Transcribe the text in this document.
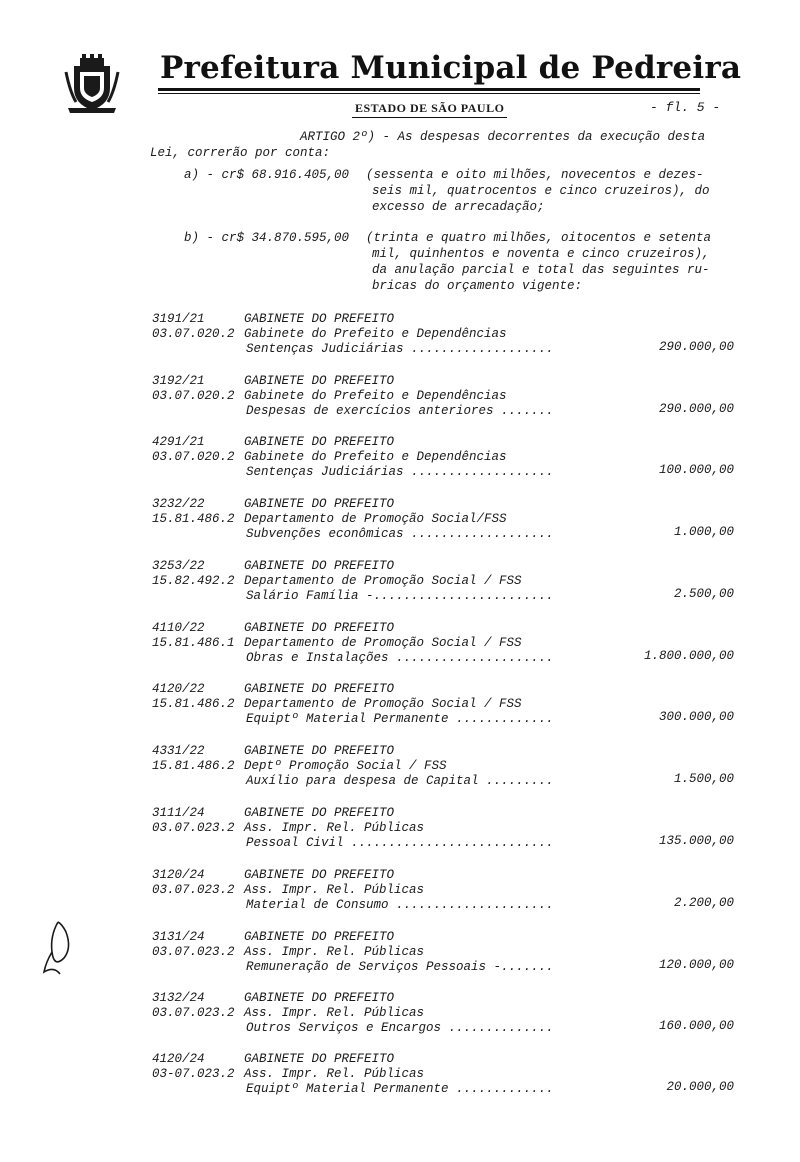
Prefeitura Municipal de Pedreira
ESTADO DE SÃO PAULO	- fl. 5 -
ARTIGO 2º) - As despesas decorrentes da execução desta
Lei, correrão por conta:
a) - cr$ 68.916.405,00 (sessenta e oito milhões, novecentos e dezes-
seis mil, quatrocentos e cinco cruzeiros), do
excesso de arrecadação;
b) - cr$ 34.870.595,00 (trinta e quatro milhões, oitocentos e setenta
mil, quinhentos e noventa e cinco cruzeiros),
da anulação parcial e total das seguintes ru-
bricas do orçamento vigente:
3191/21	GABINETE DO PREFEITO
03.07.020.2 Gabinete do Prefeito e Dependências
Sentenças Judiciárias ...................	290.000,00
3192/21	GABINETE DO PREFEITO
03.07.020.2 Gabinete do Prefeito e Dependências
Despesas de exercícios anteriores .......	290.000,00
4291/21	GABINETE DO PREFEITO
03.07.020.2 Gabinete do Prefeito e Dependências
Sentenças Judiciárias ...................	100.000,00
3232/22	GABINETE DO PREFEITO
15.81.486.2 Departamento de Promoção Social/FSS
Subvenções econômicas ...................	1.000,00
3253/22	GABINETE DO PREFEITO
15.82.492.2 Departamento de Promoção Social / FSS
Salário Família -........................	2.500,00
4110/22	GABINETE DO PREFEITO
15.81.486.1 Departamento de Promoção Social / FSS
Obras e Instalações .....................	1.800.000,00
4120/22	GABINETE DO PREFEITO
15.81.486.2 Departamento de Promoção Social / FSS
Equiptº Material Permanente .............	300.000,00
4331/22	GABINETE DO PREFEITO
15.81.486.2 Deptº Promoção Social / FSS
Auxílio para despesa de Capital .........	1.500,00
3111/24	GABINETE DO PREFEITO
03.07.023.2 Ass. Impr. Rel. Públicas
Pessoal Civil ...........................	135.000,00
3120/24	GABINETE DO PREFEITO
03.07.023.2 Ass. Impr. Rel. Públicas
Material de Consumo .....................	2.200,00
3131/24	GABINETE DO PREFEITO
03.07.023.2 Ass. Impr. Rel. Públicas
Remuneração de Serviços Pessoais -.......	120.000,00
3132/24	GABINETE DO PREFEITO
03.07.023.2 Ass. Impr. Rel. Públicas
Outros Serviços e Encargos ..............	160.000,00
4120/24	GABINETE DO PREFEITO
03-07.023.2 Ass. Impr. Rel. Públicas
Equiptº Material Permanente .............	20.000,00
